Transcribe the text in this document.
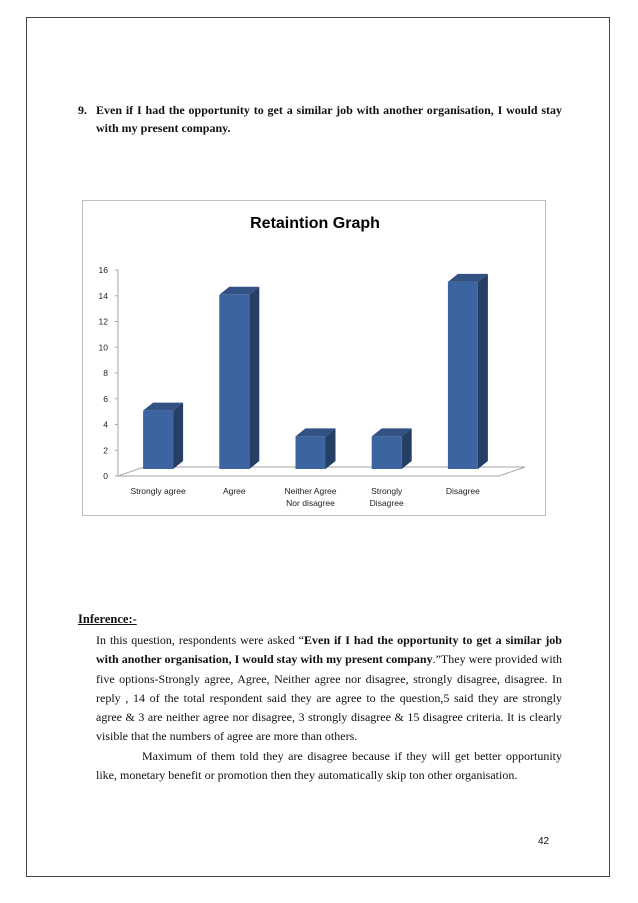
9. Even if I had the opportunity to get a similar job with another organisation, I would stay with my present company.
Retaintion Graph
0
2
4
6
8
10
12
14
16
Strongly agree	Agree	Neither Agree
Nor disagree
Strongly
Disagree
Disagree
Inference:-

In this question, respondents were asked “Even if I had the opportunity to get a similar job with another organisation, I would stay with my present company.”They were provided with five options-Strongly agree, Agree, Neither agree nor disagree, strongly disagree, disagree. In reply , 14 of the total respondent said they are agree to the question,5 said they are strongly agree & 3 are neither agree nor disagree, 3 strongly disagree & 15 disagree criteria. It is clearly visible that the numbers of agree are more than others.

Maximum of them told they are disagree because if they will get better opportunity like, monetary benefit or promotion then they automatically skip ton other organisation.

42
